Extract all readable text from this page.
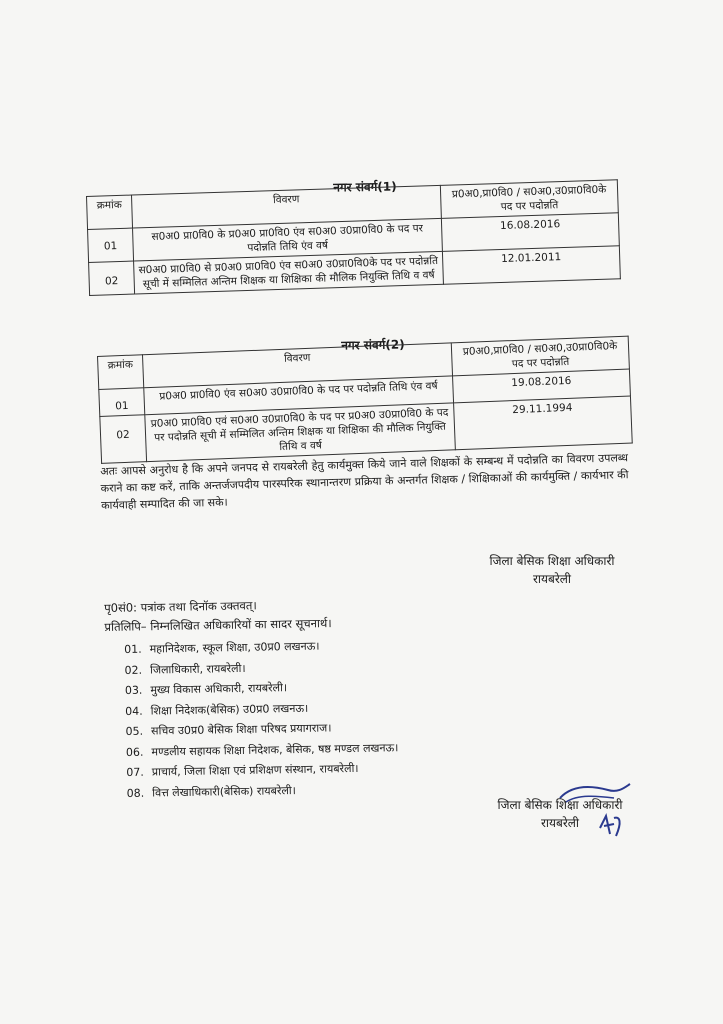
नगर संवर्ग(1)
क्रमांक	विवरण	प्र0अ0,प्रा0वि0 / स0अ0,उ0प्रा0वि0के पद पर पदोन्नति
01	स0अ0 प्रा0वि0 के प्र0अ0 प्रा0वि0 एंव स0अ0 उ0प्रा0वि0 के पद पर पदोन्नति तिथि एंव वर्ष	16.08.2016
02	स0अ0 प्रा0वि0 से प्र0अ0 प्रा0वि0 एंव स0अ0 उ0प्रा0वि0के पद पर पदोन्नति सूची में सम्मिलित अन्तिम शिक्षक या शिक्षिका की मौलिक नियुक्ति तिथि व वर्ष	12.01.2011
नगर संवर्ग(2)
क्रमांक	विवरण	प्र0अ0,प्रा0वि0 / स0अ0,उ0प्रा0वि0के पद पर पदोन्नति
01	प्र0अ0 प्रा0वि0 एंव स0अ0 उ0प्रा0वि0 के पद पर पदोन्नति तिथि एंव वर्ष	19.08.2016
02	प्र0अ0 प्रा0वि0 एवं स0अ0 उ0प्रा0वि0 के पद पर प्र0अ0 उ0प्रा0वि0 के पद पर पदोन्नति सूची में सम्मिलित अन्तिम शिक्षक या शिक्षिका की मौलिक नियुक्ति तिथि व वर्ष	29.11.1994
अतः आपसे अनुरोध है कि अपने जनपद से रायबरेली हेतु कार्यमुक्त किये जाने वाले शिक्षकों के सम्बन्ध में पदोन्नति का विवरण उपलब्ध कराने का कष्ट करें, ताकि अन्तर्जजपदीय पारस्परिक स्थानान्तरण प्रक्रिया के अन्तर्गत शिक्षक / शिक्षिकाओं की कार्यमुक्ति / कार्यभार की कार्यवाही सम्पादित की जा सके।
जिला बेसिक शिक्षा अधिकारी
रायबरेली
पृ0सं0: पत्रांक तथा दिनॉक उक्तवत्।
प्रतिलिपि– निम्नलिखित अधिकारियों का सादर सूचनार्थ।
01. महानिदेशक, स्कूल शिक्षा, उ0प्र0 लखनऊ।
02. जिलाधिकारी, रायबरेली।
03. मुख्य विकास अधिकारी, रायबरेली।
04. शिक्षा निदेशक(बेसिक) उ0प्र0 लखनऊ।
05. सचिव उ0प्र0 बेसिक शिक्षा परिषद प्रयागराज।
06. मण्डलीय सहायक शिक्षा निदेशक, बेसिक, षष्ठ मण्डल लखनऊ।
07. प्राचार्य, जिला शिक्षा एवं प्रशिक्षण संस्थान, रायबरेली।
08. वित्त लेखाधिकारी(बेसिक) रायबरेली।
जिला बेसिक शिक्षा अधिकारी
रायबरेली
